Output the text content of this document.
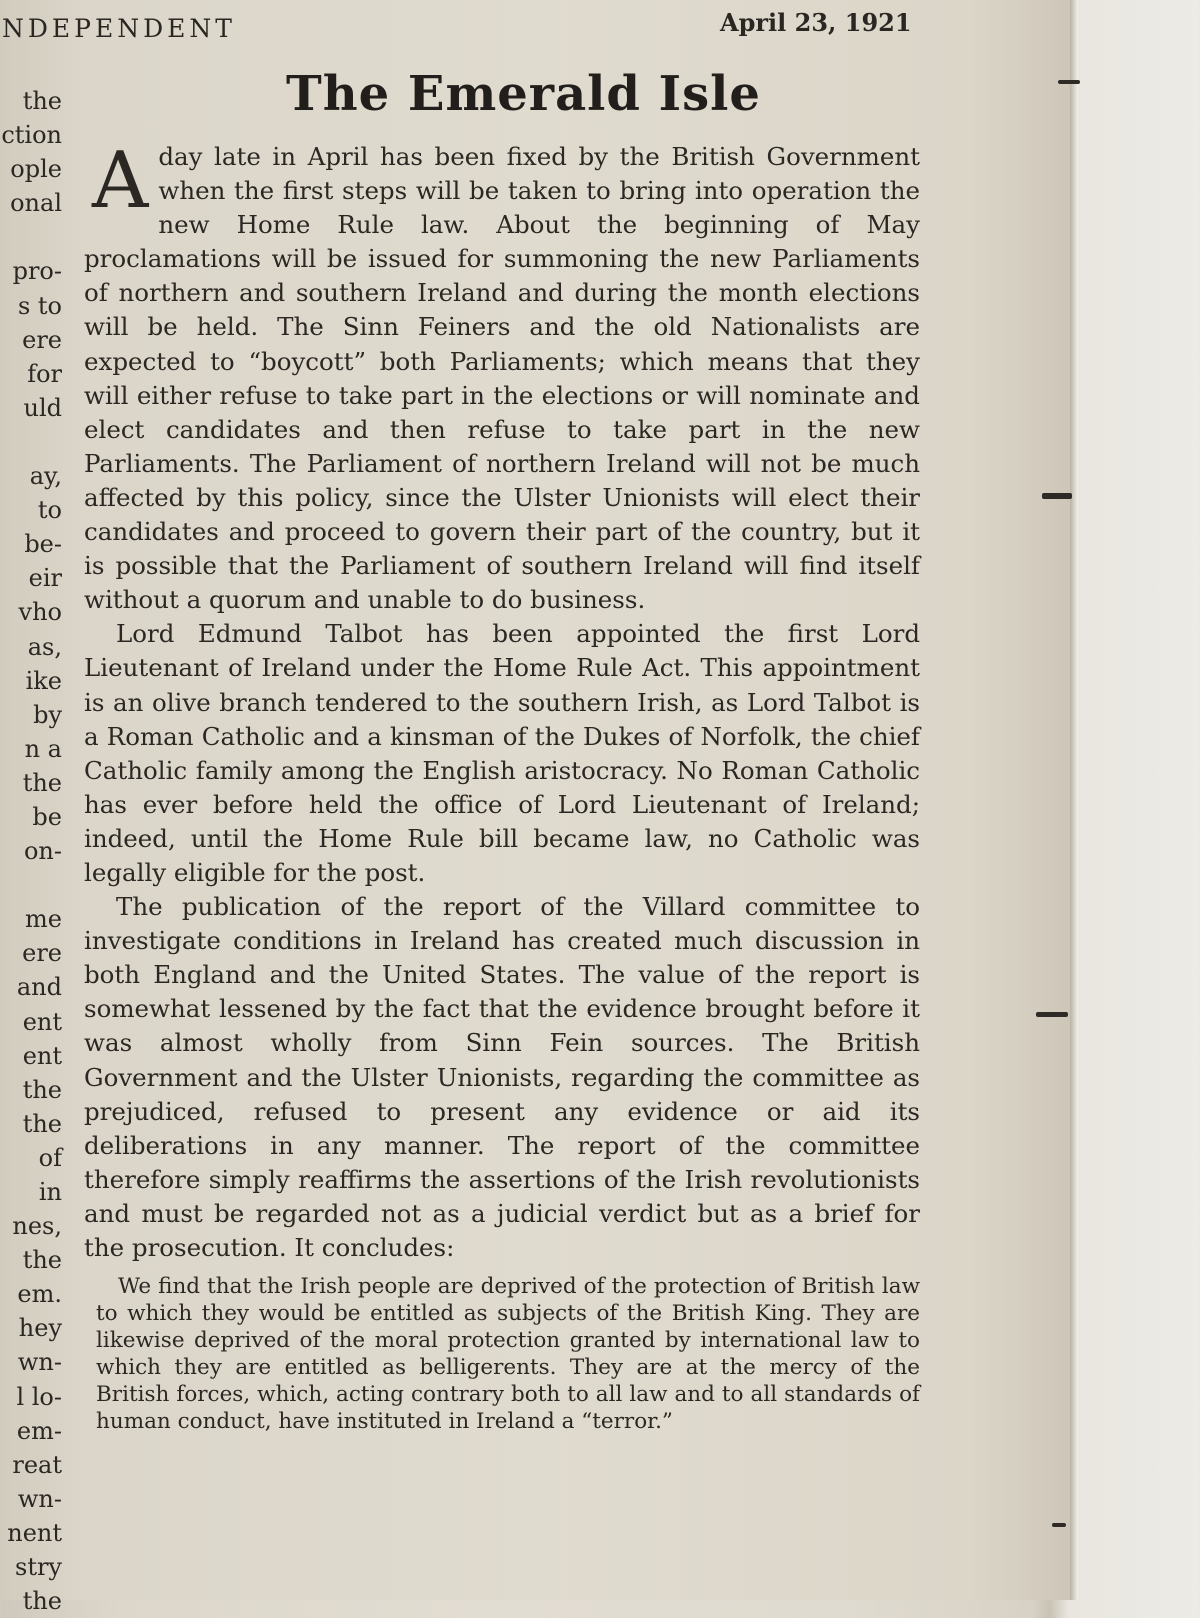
NDEPENDENT	April 23, 1921
the
ction
ople
onal

pro-
s to
ere
for
uld

ay,
to
be-
eir
vho
as,
ike
by
n a
the
be
on-

me
ere
and
ent
ent
the
the
of
in
nes,
the
em.
hey
wn-
l lo-
em-
reat
wn-
nent
stry
the
The Emerald Isle

A day late in April has been fixed by the British Government when the first steps will be taken to bring into operation the new Home Rule law. About the beginning of May proclamations will be issued for summoning the new Parliaments of northern and southern Ireland and during the month elections will be held. The Sinn Feiners and the old Nationalists are expected to “boycott” both Parliaments; which means that they will either refuse to take part in the elections or will nominate and elect candidates and then refuse to take part in the new Parliaments. The Parliament of northern Ireland will not be much affected by this policy, since the Ulster Unionists will elect their candidates and proceed to govern their part of the country, but it is possible that the Parliament of southern Ireland will find itself without a quorum and unable to do business.

Lord Edmund Talbot has been appointed the first Lord Lieutenant of Ireland under the Home Rule Act. This appointment is an olive branch tendered to the southern Irish, as Lord Talbot is a Roman Catholic and a kinsman of the Dukes of Norfolk, the chief Catholic family among the English aristocracy. No Roman Catholic has ever before held the office of Lord Lieutenant of Ireland; indeed, until the Home Rule bill became law, no Catholic was legally eligible for the post.

The publication of the report of the Villard committee to investigate conditions in Ireland has created much discussion in both England and the United States. The value of the report is somewhat lessened by the fact that the evidence brought before it was almost wholly from Sinn Fein sources. The British Government and the Ulster Unionists, regarding the committee as prejudiced, refused to present any evidence or aid its deliberations in any manner. The report of the committee therefore simply reaffirms the assertions of the Irish revolutionists and must be regarded not as a judicial verdict but as a brief for the prosecution. It concludes:

We find that the Irish people are deprived of the protection of British law to which they would be entitled as subjects of the British King. They are likewise deprived of the moral protection granted by international law to which they are entitled as belligerents. They are at the mercy of the British forces, which, acting contrary both to all law and to all standards of human conduct, have instituted in Ireland a “terror.”
